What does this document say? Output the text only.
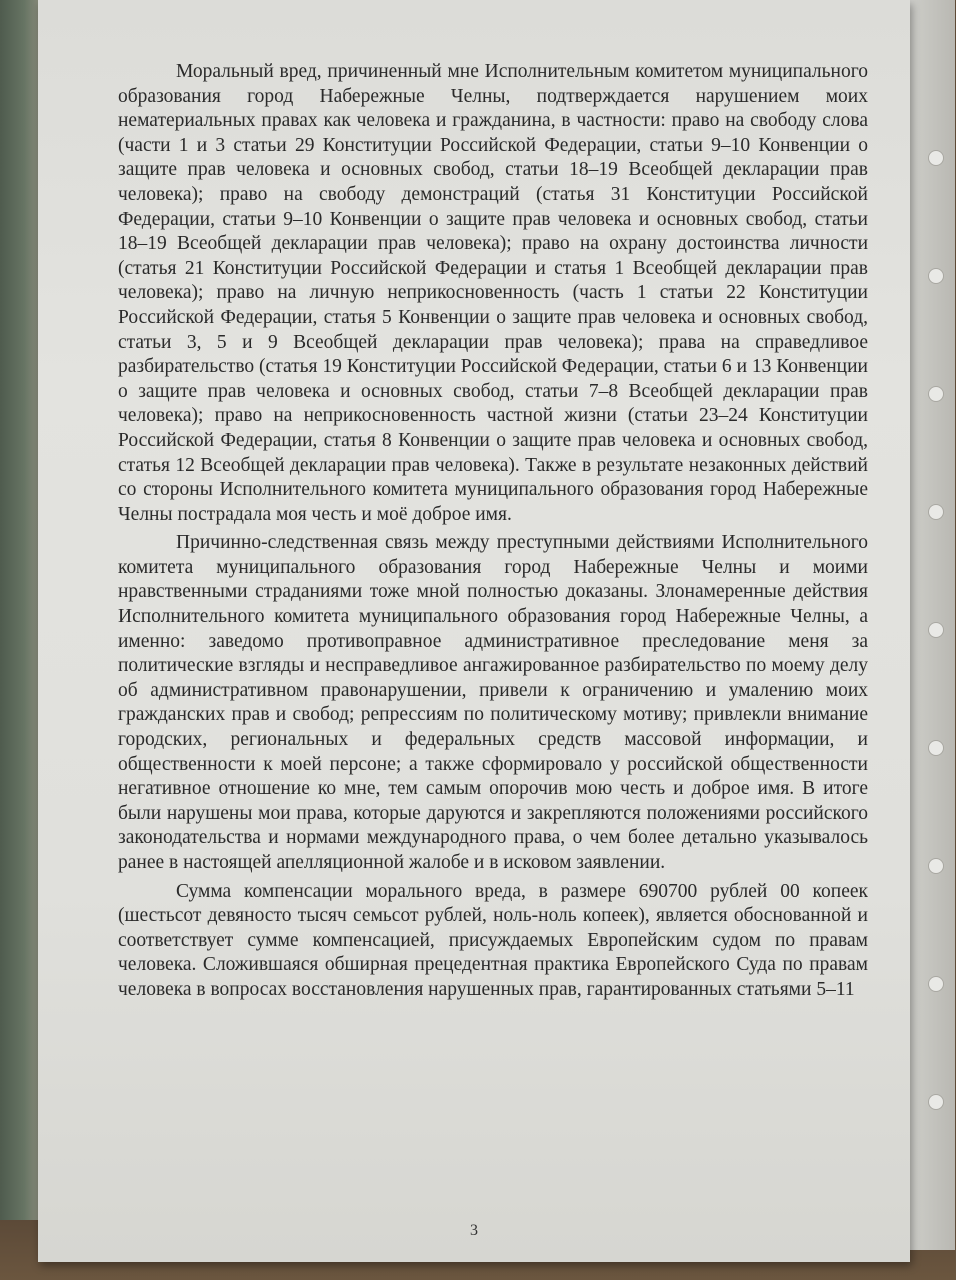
Моральный вред, причиненный мне Исполнительным комитетом муниципального образования город Набережные Челны, подтверждается нарушением моих нематериальных правах как человека и гражданина, в частности: право на свободу слова (части 1 и 3 статьи 29 Конституции Российской Федерации, статьи 9–10 Конвенции о защите прав человека и основных свобод, статьи 18–19 Всеобщей декларации прав человека); право на свободу демонстраций (статья 31 Конституции Российской Федерации, статьи 9–10 Конвенции о защите прав человека и основных свобод, статьи 18–19 Всеобщей декларации прав человека); право на охрану достоинства личности (статья 21 Конституции Российской Федерации и статья 1 Всеобщей декларации прав человека); право на личную неприкосновенность (часть 1 статьи 22 Конституции Российской Федерации, статья 5 Конвенции о защите прав человека и основных свобод, статьи 3, 5 и 9 Всеобщей декларации прав человека); права на справедливое разбирательство (статья 19 Конституции Российской Федерации, статьи 6 и 13 Конвенции о защите прав человека и основных свобод, статьи 7–8 Всеобщей декларации прав человека); право на неприкосновенность частной жизни (статьи 23–24 Конституции Российской Федерации, статья 8 Конвенции о защите прав человека и основных свобод, статья 12 Всеобщей декларации прав человека). Также в результате незаконных действий со стороны Исполнительного комитета муниципального образования город Набережные Челны пострадала моя честь и моё доброе имя.

Причинно-следственная связь между преступными действиями Исполнительного комитета муниципального образования город Набережные Челны и моими нравственными страданиями тоже мной полностью доказаны. Злонамеренные действия Исполнительного комитета муниципального образования город Набережные Челны, а именно: заведомо противоправное административное преследование меня за политические взгляды и несправедливое ангажированное разбирательство по моему делу об административном правонарушении, привели к ограничению и умалению моих гражданских прав и свобод; репрессиям по политическому мотиву; привлекли внимание городских, региональных и федеральных средств массовой информации, и общественности к моей персоне; а также сформировало у российской общественности негативное отношение ко мне, тем самым опорочив мою честь и доброе имя. В итоге были нарушены мои права, которые даруются и закрепляются положениями российского законодательства и нормами международного права, о чем более детально указывалось ранее в настоящей апелляционной жалобе и в исковом заявлении.

Сумма компенсации морального вреда, в размере 690700 рублей 00 копеек (шестьсот девяносто тысяч семьсот рублей, ноль-ноль копеек), является обоснованной и соответствует сумме компенсацией, присуждаемых Европейским судом по правам человека. Сложившаяся обширная прецедентная практика Европейского Суда по правам человека в вопросах восстановления нарушенных прав, гарантированных статьями 5–11

3
